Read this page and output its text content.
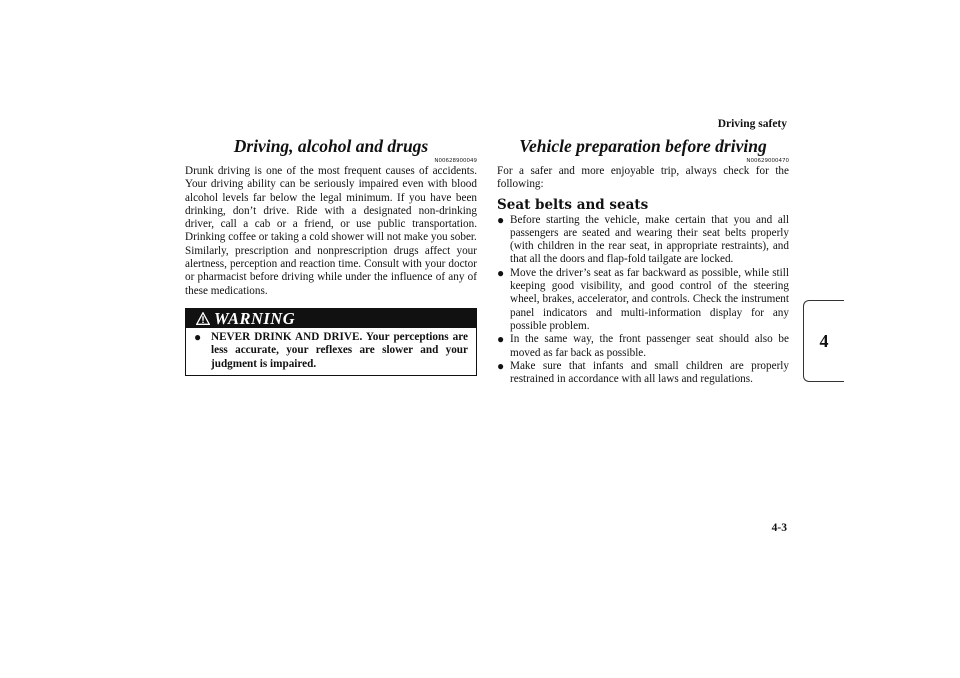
Driving safety
4
Driving, alcohol and drugs
N00628900049

Drunk driving is one of the most frequent causes of accidents. Your driving ability can be seriously impaired even with blood alcohol levels far below the legal minimum. If you have been drinking, don’t drive. Ride with a designated non-drinking driver, call a cab or a friend, or use public transportation. Drinking coffee or taking a cold shower will not make you sober.

Similarly, prescription and nonprescription drugs affect your alertness, perception and reaction time. Consult with your doctor or pharmacist before driving while under the influence of any of these medications.

WARNING
● NEVER DRINK AND DRIVE. Your perceptions are less accurate, your reflexes are slower and your judgment is impaired.
Vehicle preparation before driving
N00629000470

For a safer and more enjoyable trip, always check for the following:

Seat belts and seats
● Before starting the vehicle, make certain that you and all passengers are seated and wearing their seat belts properly (with children in the rear seat, in appropriate restraints), and that all the doors and flap-fold tailgate are locked.
● Move the driver’s seat as far backward as possible, while still keeping good visibility, and good control of the steering wheel, brakes, accelerator, and controls. Check the instrument panel indicators and multi-information display for any possible problem.
● In the same way, the front passenger seat should also be moved as far back as possible.
● Make sure that infants and small children are properly restrained in accordance with all laws and regulations.
4-3
